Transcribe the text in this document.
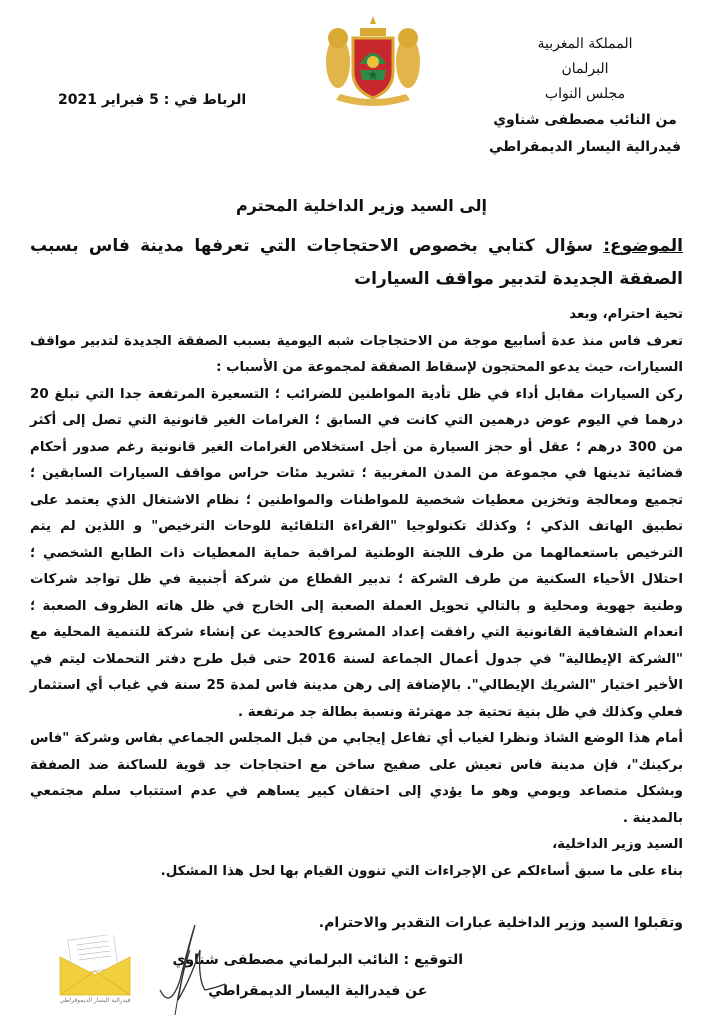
المملكة المغربية
البرلمان
مجلس النواب
من النائب مصطفى شناوي
فيدرالية اليسار الديمقراطي
الرباط في : 5 فبراير 2021
إلى السيد وزير الداخلية المحترم
الموضوع: سؤال كتابي بخصوص الاحتجاجات التي تعرفها مدينة فاس بسبب الصفقة الجديدة لتدبير مواقف السيارات

تحية احترام، وبعد

تعرف فاس منذ عدة أسابيع موجة من الاحتجاجات شبه اليومية بسبب الصفقة الجديدة لتدبير مواقف السيارات، حيث يدعو المحتجون لإسقاط الصفقة لمجموعة من الأسباب :

ركن السيارات مقابل أداء في ظل تأدية المواطنين للضرائب ؛ التسعيرة المرتفعة جدا التي تبلغ 20 درهما في اليوم عوض درهمين التي كانت في السابق ؛ الغرامات الغير قانونية التي تصل إلى أكثر من 300 درهم ؛ عقل أو حجز السيارة من أجل استخلاص الغرامات الغير قانونية رغم صدور أحكام قضائية تدينها في مجموعة من المدن المغربية ؛ تشريد مئات حراس مواقف السيارات السابقين ؛ تجميع ومعالجة وتخزين معطيات شخصية للمواطنات والمواطنين ؛ نظام الاشتغال الذي يعتمد على تطبيق الهاتف الذكي ؛ وكذلك تكنولوجيا "القراءة التلقائية للوحات الترخيص" و اللذين لم يتم الترخيص باستعمالهما من طرف اللجنة الوطنية لمراقبة حماية المعطيات ذات الطابع الشخصي ؛ احتلال الأحياء السكنية من طرف الشركة ؛ تدبير القطاع من شركة أجنبية في ظل تواجد شركات وطنية جهوية ومحلية و بالتالي تحويل العملة الصعبة إلى الخارج في ظل هاته الظروف الصعبة ؛ انعدام الشفافية القانونية التي رافقت إعداد المشروع كالحديث عن إنشاء شركة للتنمية المحلية مع "الشركة الإيطالية" في جدول أعمال الجماعة لسنة 2016 حتى قبل طرح دفتر التحملات ليتم في الأخير اختيار "الشريك الإيطالي". بالإضافة إلى رهن مدينة فاس لمدة 25 سنة في غياب أي استثمار فعلي وكذلك في ظل بنية تحتية جد مهترئة ونسبة بطالة جد مرتفعة .

أمام هذا الوضع الشاذ ونظرا لغياب أي تفاعل إيجابي من قبل المجلس الجماعي بفاس وشركة "فاس بركينك"، فإن مدينة فاس تعيش على صفيح ساخن مع احتجاجات جد قوية للساكنة ضد الصفقة وبشكل متصاعد ويومي وهو ما يؤدي إلى احتقان كبير يساهم في عدم استتباب سلم مجتمعي بالمدينة .

السيد وزير الداخلية،

بناء على ما سبق أساءلكم عن الإجراءات التي تنوون القيام بها لحل هذا المشكل.

وتقبلوا السيد وزير الداخلية عبارات التقدير والاحترام.
التوقيع : النائب البرلماني مصطفى شناوي
عن فيدرالية اليسار الديمقراطي
فيدرالية اليسار الديموقراطي
